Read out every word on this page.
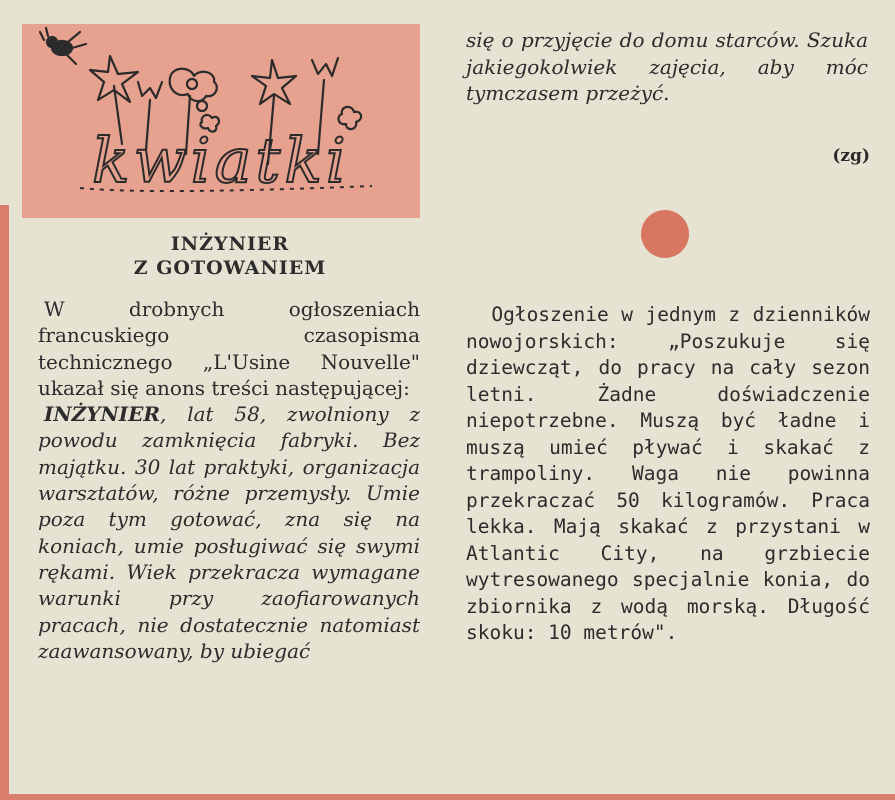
kwiatki
INŻYNIER
Z GOTOWANIEM

W drobnych ogłoszeniach francuskiego czasopisma technicznego „L'Usine Nouvelle" ukazał się anons treści następującej:

INŻYNIER, lat 58, zwolniony z powodu zamknięcia fabryki. Bez majątku. 30 lat praktyki, organizacja warsztatów, różne przemysły. Umie poza tym gotować, zna się na koniach, umie posługiwać się swymi rękami. Wiek przekracza wymagane warunki przy zaofiarowanych pracach, nie dostatecznie natomiast zaawansowany, by ubiegać

się o przyjęcie do domu starców. Szuka jakiegokolwiek zajęcia, aby móc tymczasem przeżyć.

(zg)

Ogłoszenie w jednym z dzienników nowojorskich: „Poszukuje się dziewcząt, do pracy na cały sezon letni. Żadne doświadczenie niepotrzebne. Muszą być ładne i muszą umieć pływać i skakać z trampoliny. Waga nie powinna przekraczać 50 kilogramów. Praca lekka. Mają skakać z przystani w Atlantic City, na grzbiecie wytresowanego specjalnie konia, do zbiornika z wodą morską. Długość skoku: 10 metrów".
